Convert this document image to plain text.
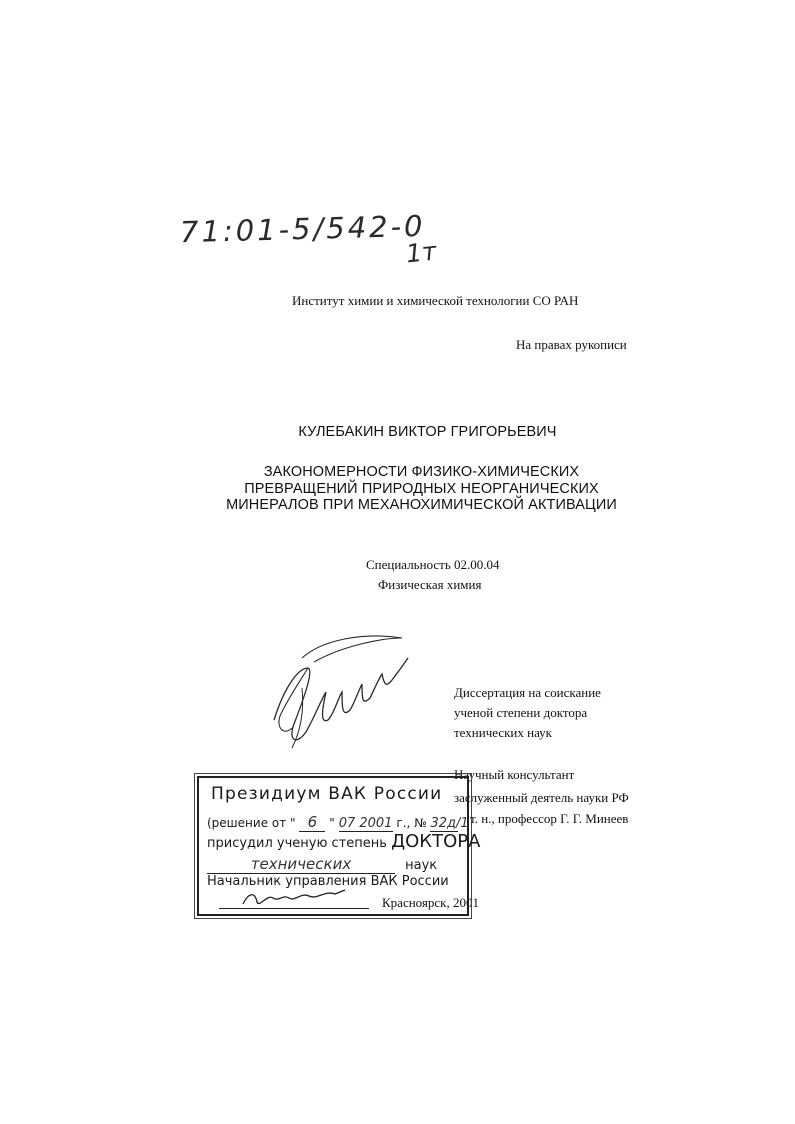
71:01-5/542-0
1т
Институт химии и химической технологии СО РАН
На правах рукописи
КУЛЕБАКИН ВИКТОР ГРИГОРЬЕВИЧ
ЗАКОНОМЕРНОСТИ ФИЗИКО-ХИМИЧЕСКИХ
ПРЕВРАЩЕНИЙ ПРИРОДНЫХ НЕОРГАНИЧЕСКИХ
МИНЕРАЛОВ ПРИ МЕХАНОХИМИЧЕСКОЙ АКТИВАЦИИ
Специальность 02.00.04
Физическая химия
Диссертация на соискание
ученой степени доктора
технических наук
Научный консультант
заслуженный деятель науки РФ
т. н., профессор Г. Г. Минеев
Красноярск, 2001
Президиум ВАК России
(решение от " 6 " 07 2001 г., № 32д/1
присудил ученую степень ДОКТОРА
технических	наук
Начальник управления ВАК России
